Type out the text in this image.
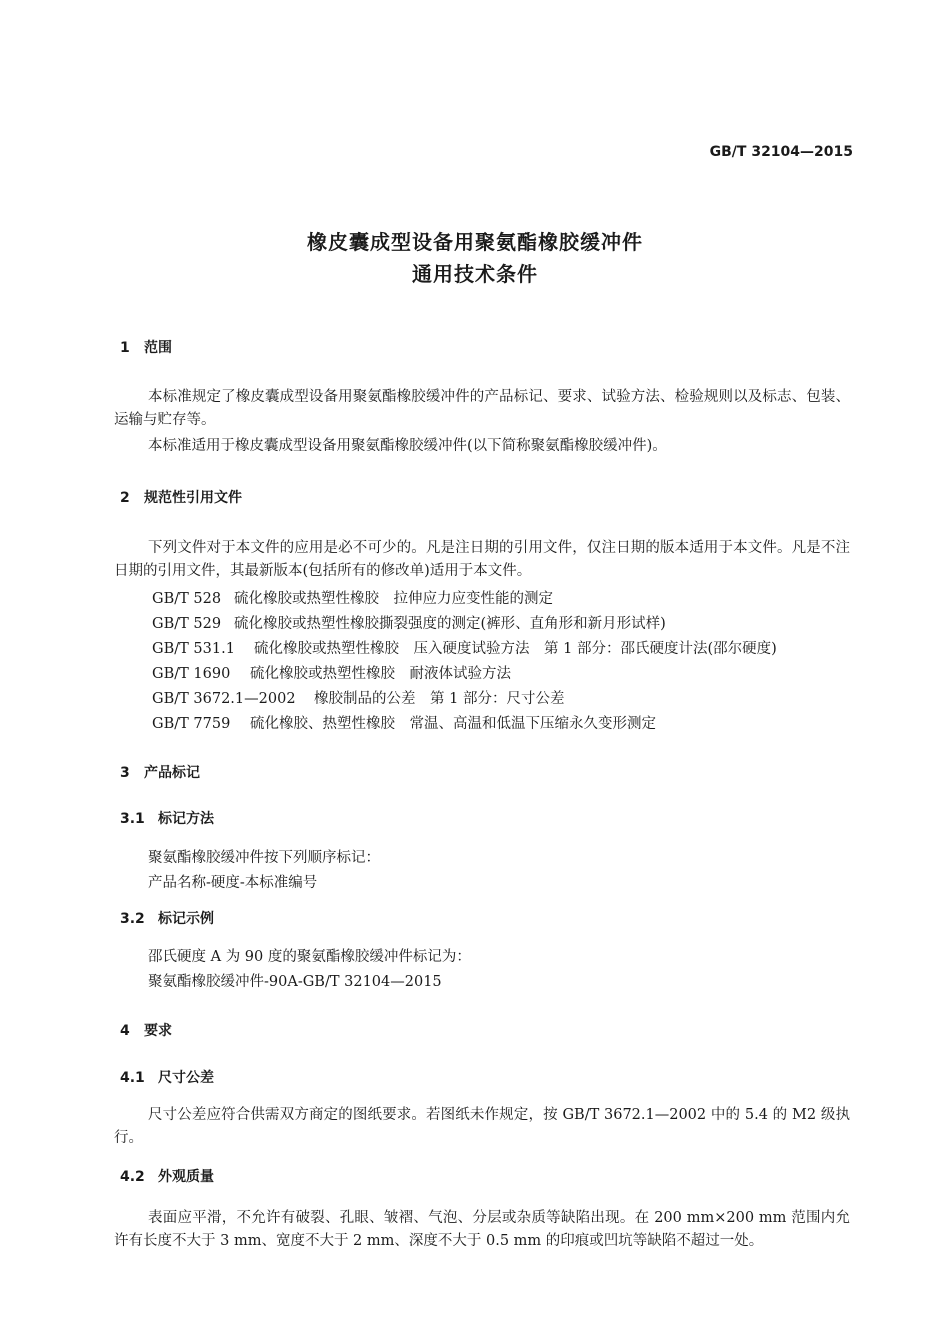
GB/T 32104—2015
橡皮囊成型设备用聚氨酯橡胶缓冲件
通用技术条件
1 范围
本标准规定了橡皮囊成型设备用聚氨酯橡胶缓冲件的产品标记、要求、试验方法、检验规则以及标志、包装、运输与贮存等。
本标准适用于橡皮囊成型设备用聚氨酯橡胶缓冲件(以下简称聚氨酯橡胶缓冲件)。
2 规范性引用文件
下列文件对于本文件的应用是必不可少的。凡是注日期的引用文件，仅注日期的版本适用于本文件。凡是不注日期的引用文件，其最新版本(包括所有的修改单)适用于本文件。
GB/T 528 硫化橡胶或热塑性橡胶　拉伸应力应变性能的测定
GB/T 529 硫化橡胶或热塑性橡胶撕裂强度的测定(裤形、直角形和新月形试样)
GB/T 531.1 硫化橡胶或热塑性橡胶　压入硬度试验方法　第 1 部分：邵氏硬度计法(邵尔硬度)
GB/T 1690 硫化橡胶或热塑性橡胶　耐液体试验方法
GB/T 3672.1—2002 橡胶制品的公差　第 1 部分：尺寸公差
GB/T 7759 硫化橡胶、热塑性橡胶　常温、高温和低温下压缩永久变形测定
3 产品标记
3.1 标记方法
聚氨酯橡胶缓冲件按下列顺序标记：
产品名称-硬度-本标准编号
3.2 标记示例
邵氏硬度 A 为 90 度的聚氨酯橡胶缓冲件标记为：
聚氨酯橡胶缓冲件-90A-GB/T 32104—2015
4 要求
4.1 尺寸公差
尺寸公差应符合供需双方商定的图纸要求。若图纸未作规定，按 GB/T 3672.1—2002 中的 5.4 的 M2 级执行。
4.2 外观质量
表面应平滑，不允许有破裂、孔眼、皱褶、气泡、分层或杂质等缺陷出现。在 200 mm×200 mm 范围内允许有长度不大于 3 mm、宽度不大于 2 mm、深度不大于 0.5 mm 的印痕或凹坑等缺陷不超过一处。
